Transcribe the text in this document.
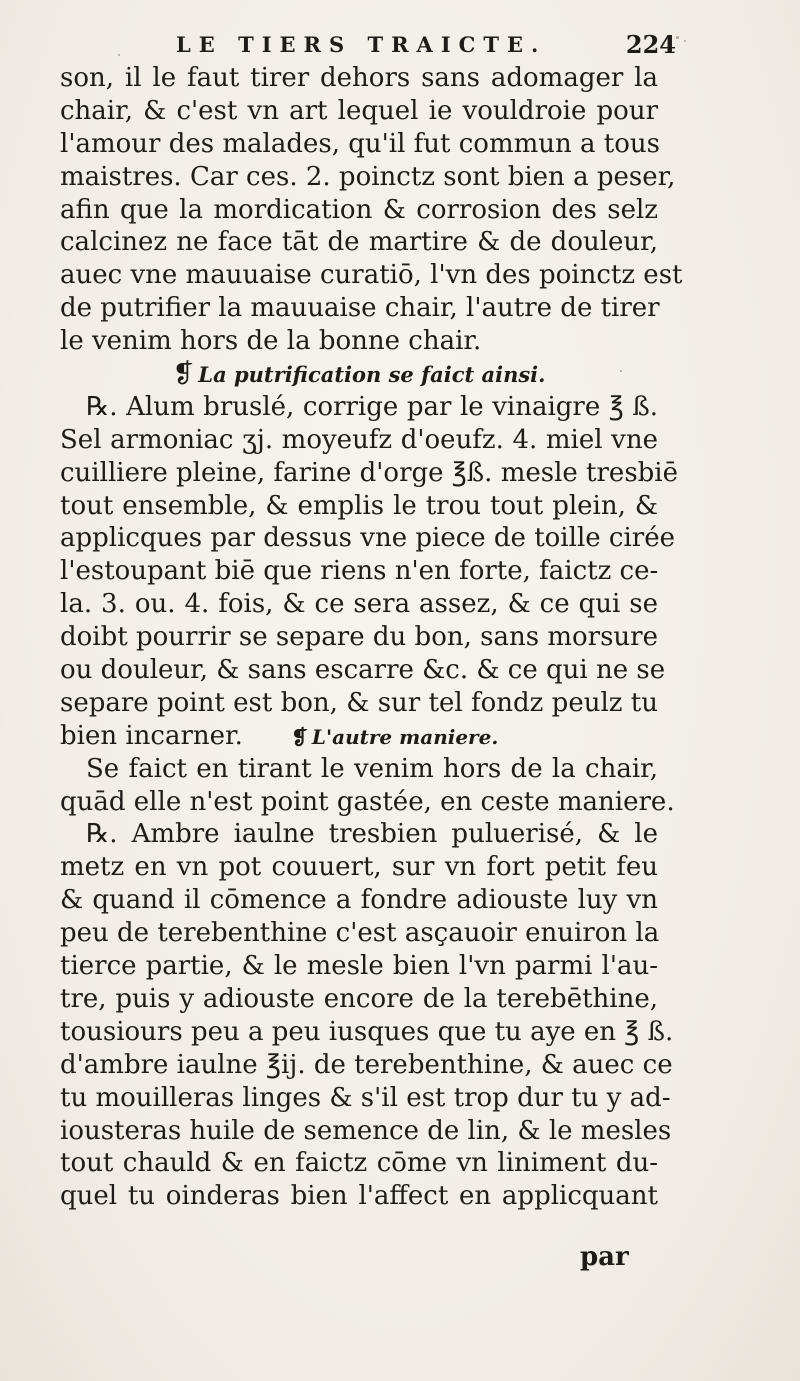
LE TIERS TRAICTE.	224
son, il le faut tirer dehors sans adomager la
chair, & c'est vn art lequel ie vouldroie pour
l'amour des malades, qu'il fut commun a tous
maistres. Car ces. 2. poinctz sont bien a peser,
afin que la mordication & corrosion des selz
calcinez ne face tāt de martire & de douleur,
auec vne mauuaise curatiō, l'vn des poinctz est
de putrifier la mauuaise chair, l'autre de tirer
le venim hors de la bonne chair.
❡ La putrification se faict ainsi.
℞. Alum bruslé, corrige par le vinaigre ℥ ß.
Sel armoniac ʒj. moyeufz d'oeufz. 4. miel vne
cuilliere pleine, farine d'orge ℥ß. mesle tresbiē
tout ensemble, & emplis le trou tout plein, &
applicques par dessus vne piece de toille cirée
l'estoupant biē que riens n'en forte, faictz ce-
la. 3. ou. 4. fois, & ce sera assez, & ce qui se
doibt pourrir se separe du bon, sans morsure
ou douleur, & sans escarre &c. & ce qui ne se
separe point est bon, & sur tel fondz peulz tu
bien incarner. ❡ L'autre maniere.
Se faict en tirant le venim hors de la chair,
quād elle n'est point gastée, en ceste maniere.
℞. Ambre iaulne tresbien puluerisé, & le
metz en vn pot couuert, sur vn fort petit feu
& quand il cōmence a fondre adiouste luy vn
peu de terebenthine c'est asçauoir enuiron la
tierce partie, & le mesle bien l'vn parmi l'au-
tre, puis y adiouste encore de la terebēthine,
tousiours peu a peu iusques que tu aye en ℥ ß.
d'ambre iaulne ℥ij. de terebenthine, & auec ce
tu mouilleras linges & s'il est trop dur tu y ad-
iousteras huile de semence de lin, & le mesles
tout chauld & en faictz cōme vn liniment du-
quel tu oinderas bien l'affect en applicquant
par
